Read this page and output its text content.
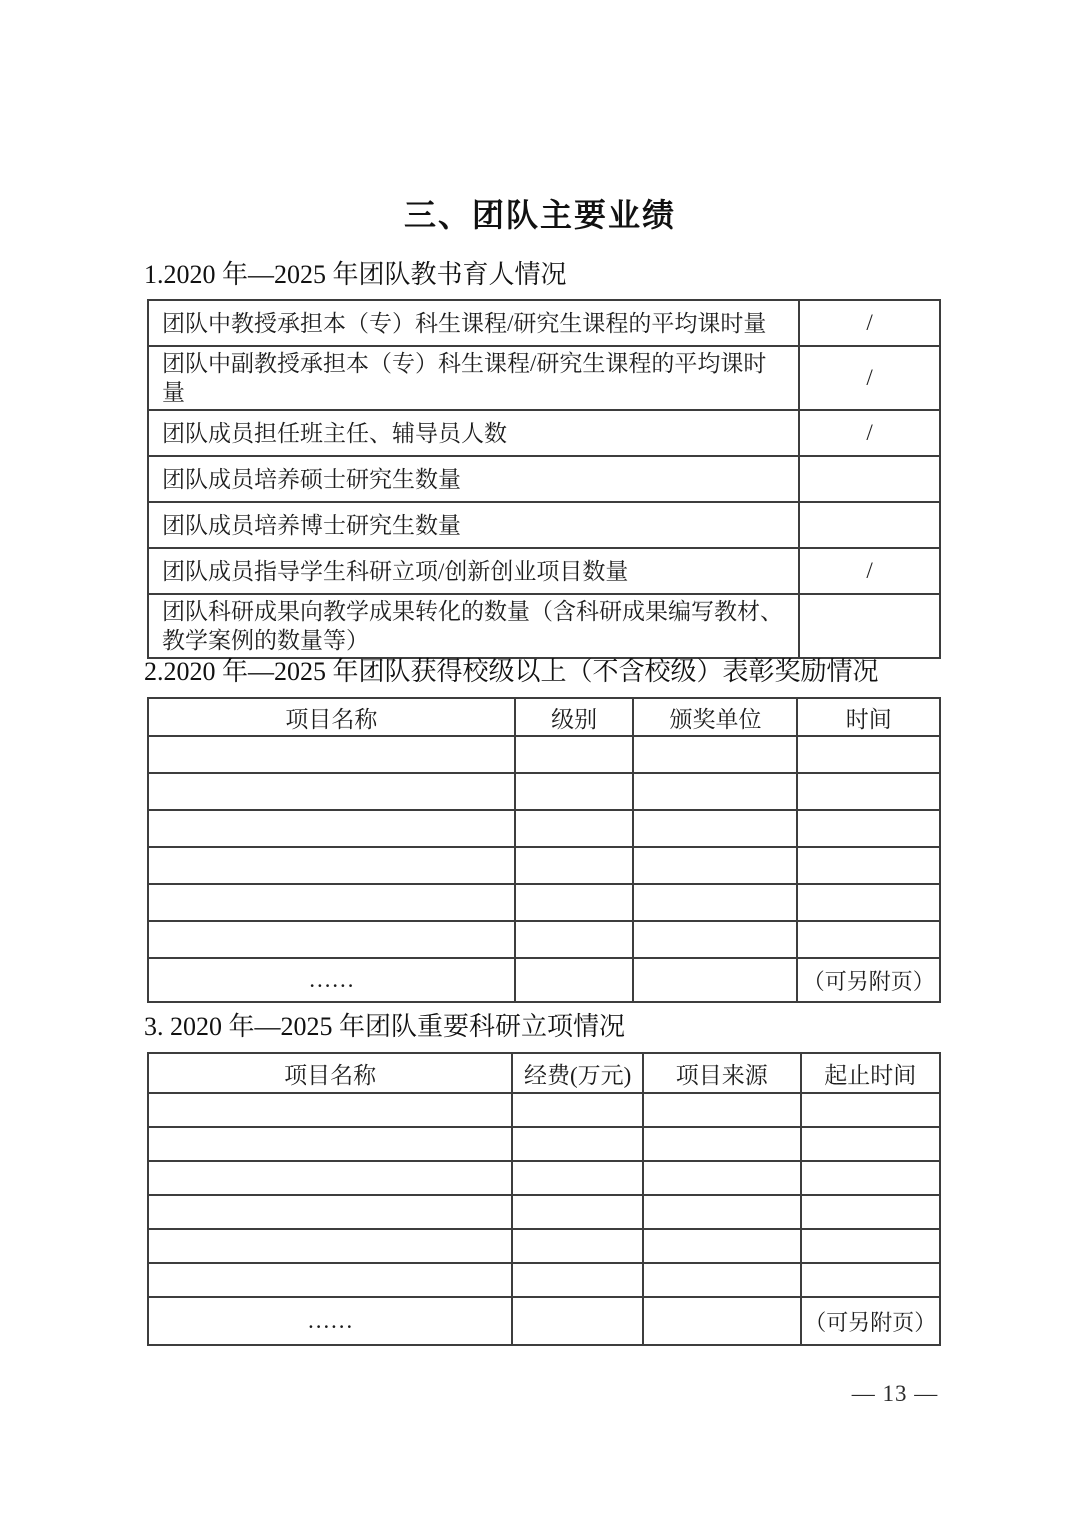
三、团队主要业绩
1.2020 年—2025 年团队教书育人情况
团队中教授承担本（专）科生课程/研究生课程的平均课时量	/
团队中副教授承担本（专）科生课程/研究生课程的平均课时量	/
团队成员担任班主任、辅导员人数	/
团队成员培养硕士研究生数量	
团队成员培养博士研究生数量	
团队成员指导学生科研立项/创新创业项目数量	/
团队科研成果向教学成果转化的数量（含科研成果编写教材、教学案例的数量等）	
2.2020 年—2025 年团队获得校级以上（不含校级）表彰奖励情况
项目名称	级别	颁奖单位	时间

……			（可另附页）
3. 2020 年—2025 年团队重要科研立项情况
项目名称	经费(万元)	项目来源	起止时间

……			（可另附页）
— 13 —
